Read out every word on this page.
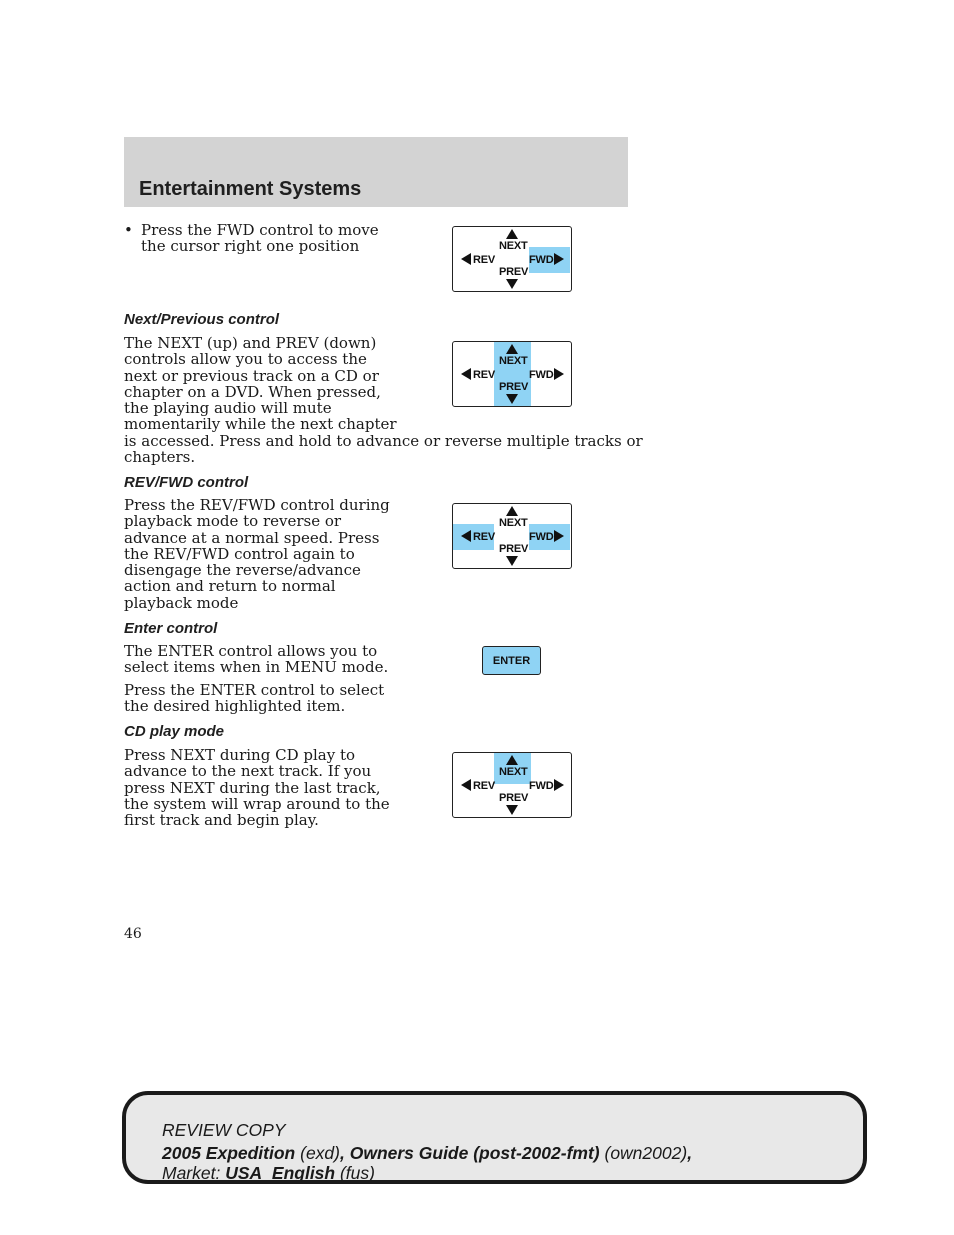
Entertainment Systems
• Press the FWD control to move
the cursor right one position	NEXT
PREV
REV	FWD
Next/Previous control
The NEXT (up) and PREV (down)
controls allow you to access the
next or previous track on a CD or
chapter on a DVD. When pressed,
the playing audio will mute
momentarily while the next chapter
is accessed. Press and hold to advance or reverse multiple tracks or
chapters.
NEXT
PREV
REV	FWD
REV/FWD control
Press the REV/FWD control during
playback mode to reverse or
advance at a normal speed. Press
the REV/FWD control again to
disengage the reverse/advance
action and return to normal
playback mode
NEXT
PREV
REV	FWD
Enter control
The ENTER control allows you to
select items when in MENU mode.
Press the ENTER control to select
the desired highlighted item.
ENTER
CD play mode
Press NEXT during CD play to
advance to the next track. If you
press NEXT during the last track,
the system will wrap around to the
first track and begin play.
NEXT
PREV
REV	FWD
46
REVIEW COPY
2005 Expedition (exd), Owners Guide (post-2002-fmt) (own2002),
Market: USA_English (fus)
